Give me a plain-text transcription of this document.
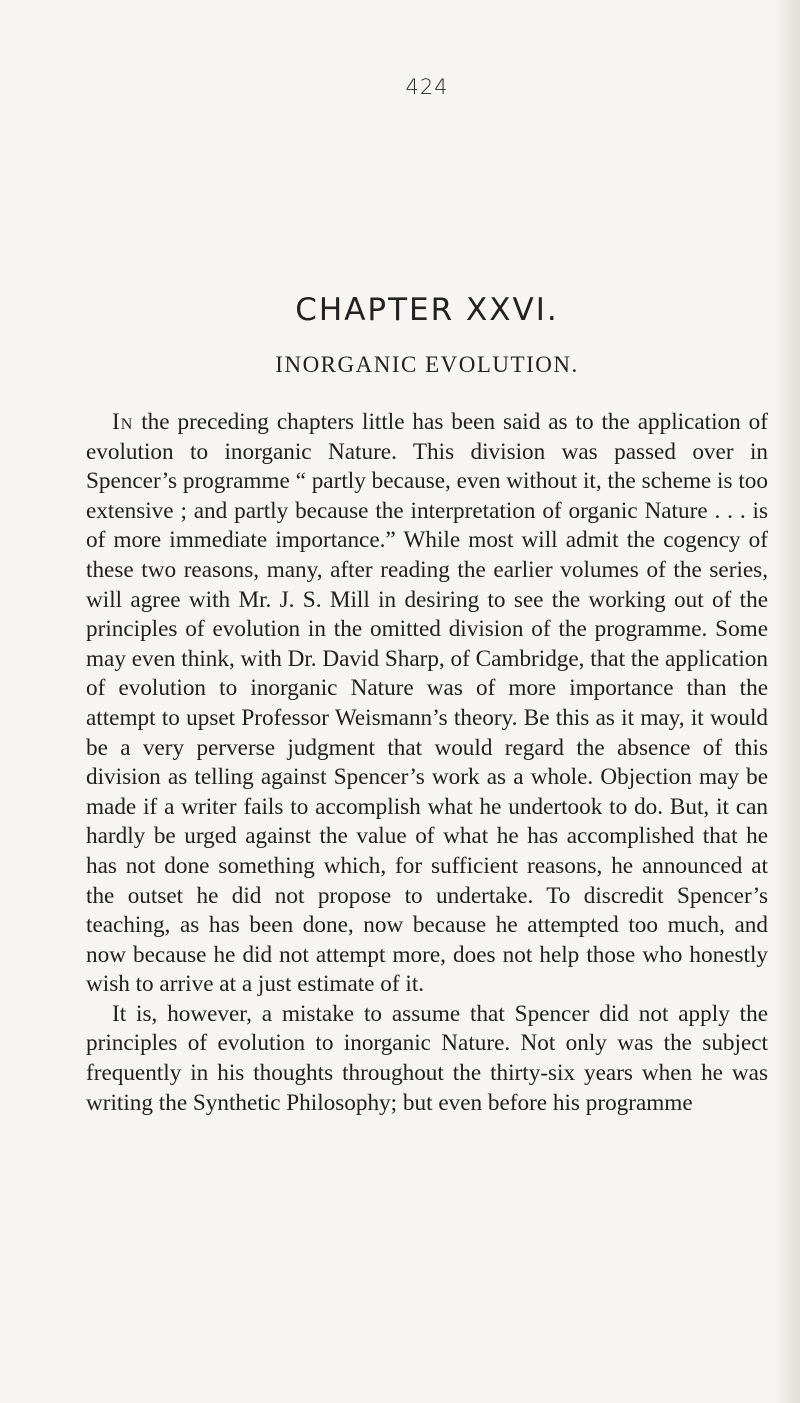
424
CHAPTER XXVI.
INORGANIC EVOLUTION.

In the preceding chapters little has been said as to the application of evolution to inorganic Nature. This division was passed over in Spencer’s programme “ partly because, even without it, the scheme is too extensive ; and partly because the interpretation of organic Nature . . . is of more immediate importance.” While most will admit the cogency of these two reasons, many, after reading the earlier volumes of the series, will agree with Mr. J. S. Mill in desiring to see the working out of the principles of evolution in the omitted division of the programme. Some may even think, with Dr. David Sharp, of Cambridge, that the application of evolution to inorganic Nature was of more importance than the attempt to upset Professor Weismann’s theory. Be this as it may, it would be a very perverse judgment that would regard the absence of this division as telling against Spencer’s work as a whole. Objection may be made if a writer fails to accomplish what he undertook to do. But, it can hardly be urged against the value of what he has accomplished that he has not done something which, for sufficient reasons, he announced at the outset he did not propose to undertake. To discredit Spencer’s teaching, as has been done, now because he attempted too much, and now because he did not attempt more, does not help those who honestly wish to arrive at a just estimate of it.

It is, however, a mistake to assume that Spencer did not apply the principles of evolution to inorganic Nature. Not only was the subject frequently in his thoughts throughout the thirty-six years when he was writing the Synthetic Philosophy; but even before his programme
